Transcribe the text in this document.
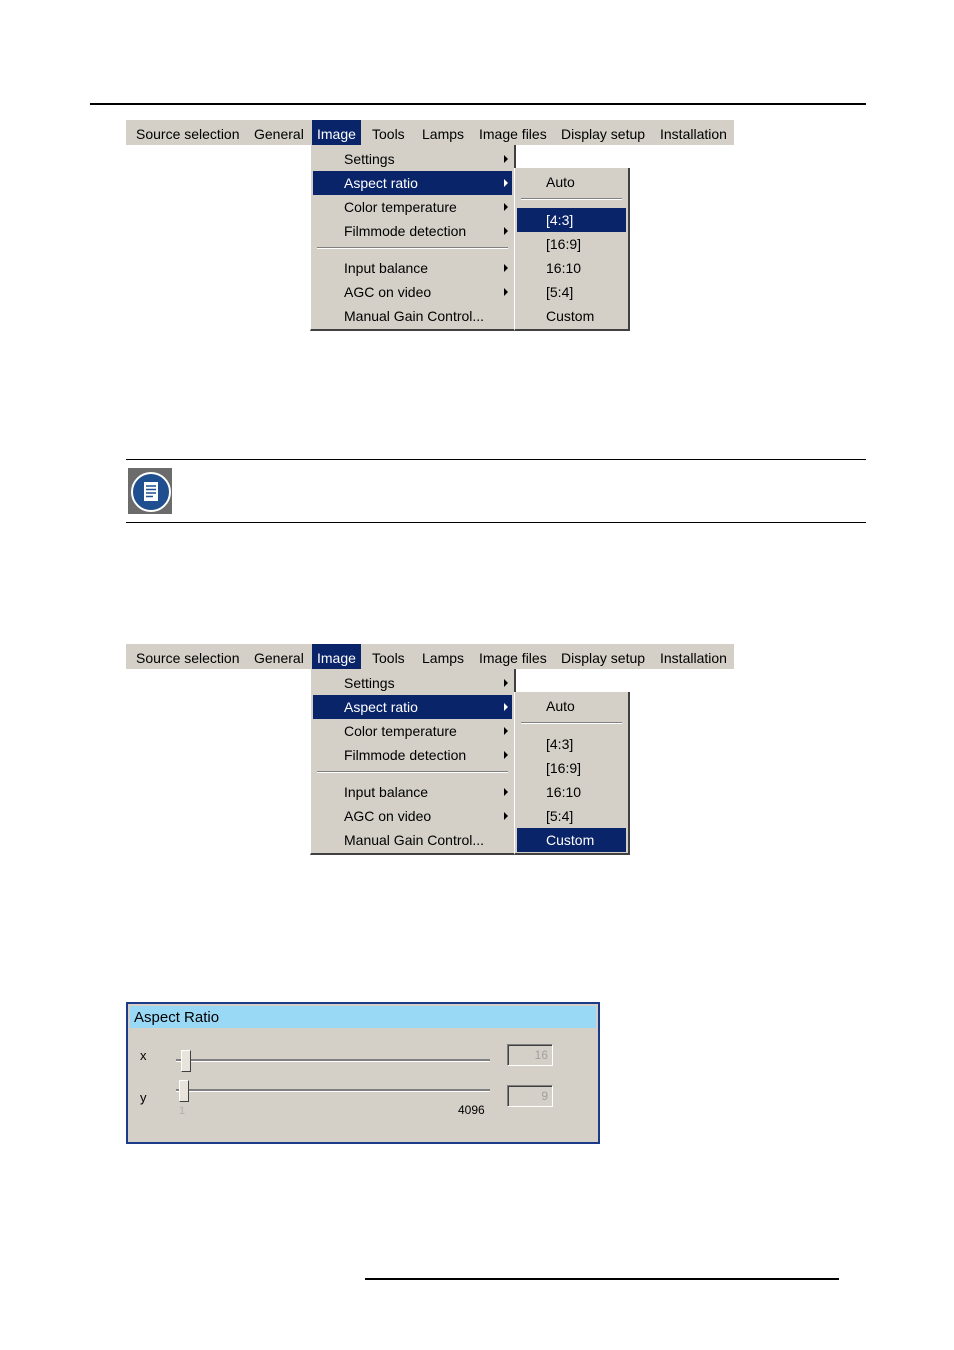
Source selection	General Image	Tools	Lamps	Image files	Display setup	Installation
Settings
Aspect ratio
Color temperature
Filmmode detection
Input balance
AGC on video
Manual Gain Control...
Auto
[4:3]
[16:9]
16:10
[5:4]
Custom
Source selection	General Image	Tools	Lamps	Image files	Display setup	Installation
Settings
Aspect ratio
Color temperature
Filmmode detection
Input balance
AGC on video
Manual Gain Control...
Auto
[4:3]
[16:9]
16:10
[5:4]
Custom
Aspect Ratio
x	16
y	9
1	4096
